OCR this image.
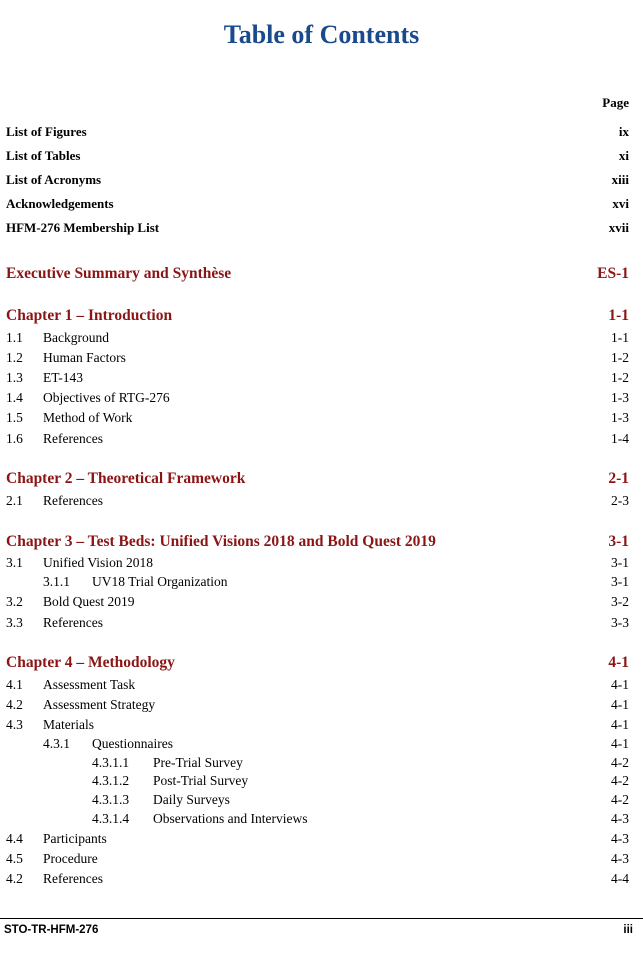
Table of Contents
Page
List of Figures	ix
List of Tables	xi
List of Acronyms	xiii
Acknowledgements	xvi
HFM-276 Membership List	xvii
Executive Summary and Synthèse	ES-1
Chapter 1 – Introduction	1-1
1.1 Background	1-1
1.2 Human Factors	1-2
1.3 ET-143	1-2
1.4 Objectives of RTG-276	1-3
1.5 Method of Work	1-3
1.6 References	1-4
Chapter 2 – Theoretical Framework	2-1
2.1 References	2-3
Chapter 3 – Test Beds: Unified Visions 2018 and Bold Quest 2019	3-1
3.1 Unified Vision 2018	3-1
3.1.1 UV18 Trial Organization	3-1
3.2 Bold Quest 2019	3-2
3.3 References	3-3
Chapter 4 – Methodology	4-1
4.1 Assessment Task	4-1
4.2 Assessment Strategy	4-1
4.3 Materials	4-1
4.3.1 Questionnaires	4-1
4.3.1.1 Pre-Trial Survey	4-2
4.3.1.2 Post-Trial Survey	4-2
4.3.1.3 Daily Surveys	4-2
4.3.1.4 Observations and Interviews	4-3
4.4 Participants	4-3
4.5 Procedure	4-3
4.2 References	4-4
STO-TR-HFM-276	iii
